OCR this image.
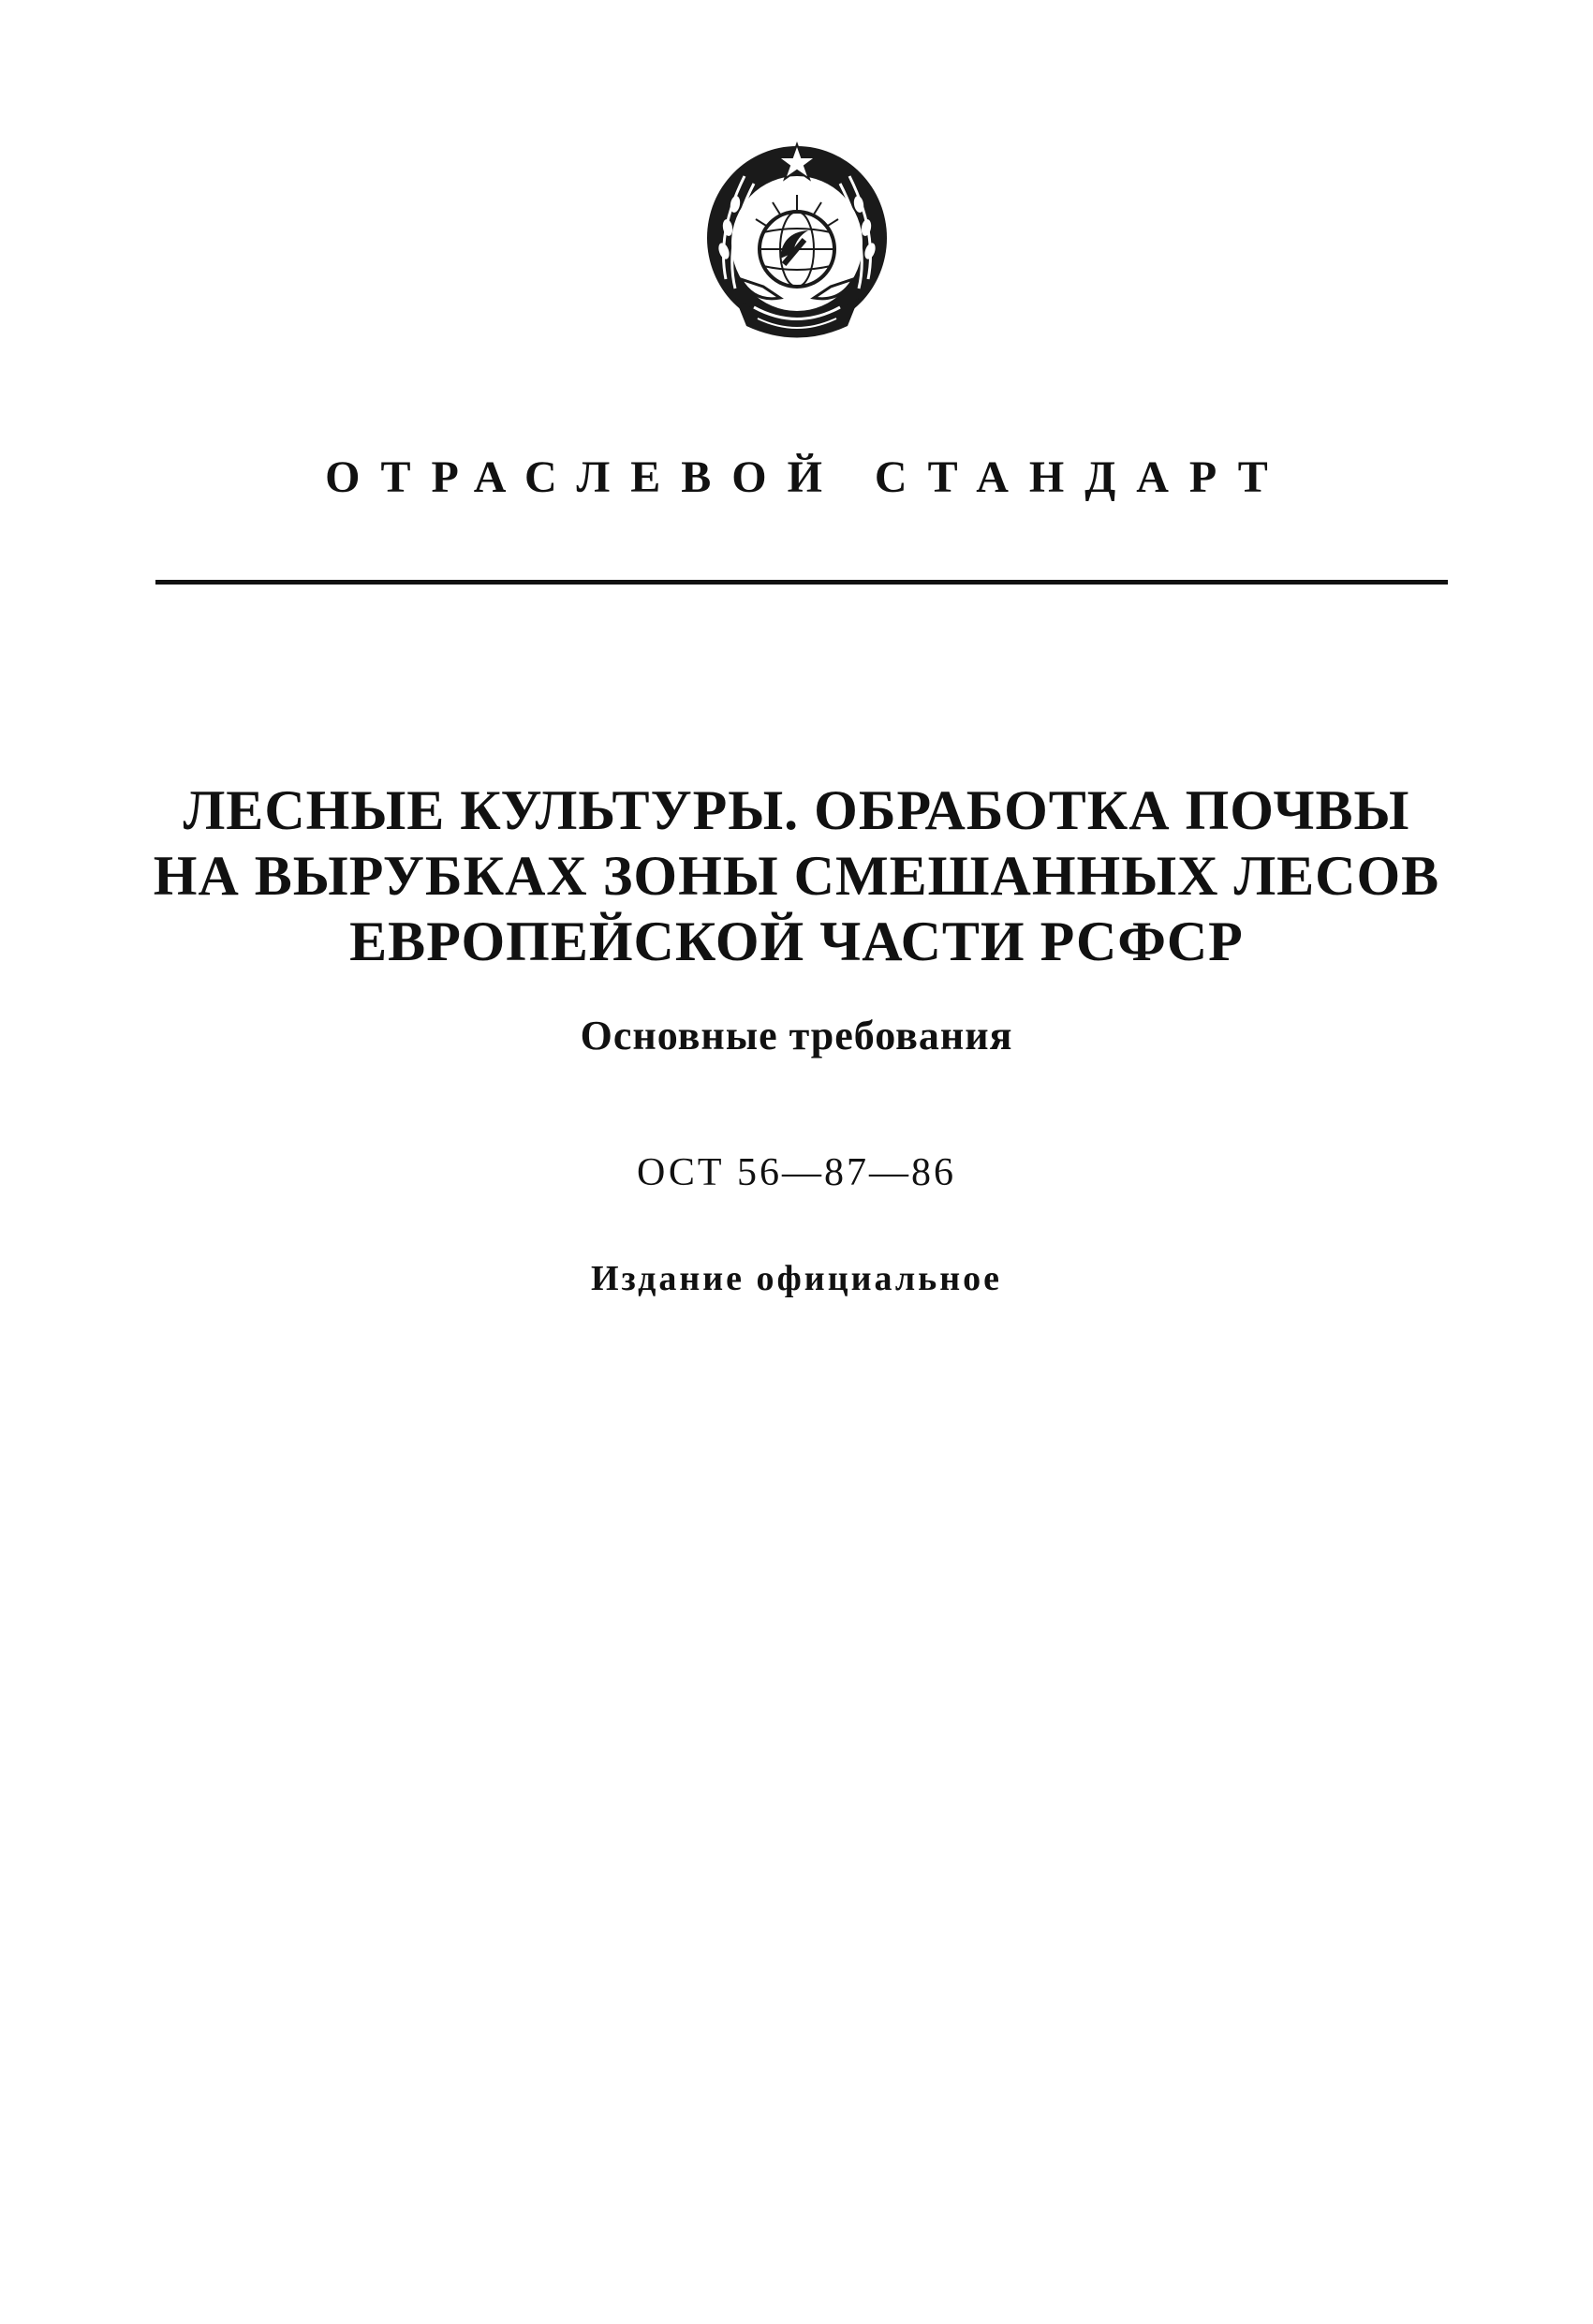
ОТРАСЛЕВОЙ СТАНДАРТ
ЛЕСНЫЕ КУЛЬТУРЫ. ОБРАБОТКА ПОЧВЫ
НА ВЫРУБКАХ ЗОНЫ СМЕШАННЫХ ЛЕСОВ
ЕВРОПЕЙСКОЙ ЧАСТИ РСФСР
Основные требования
ОСТ 56—87—86
Издание официальное
